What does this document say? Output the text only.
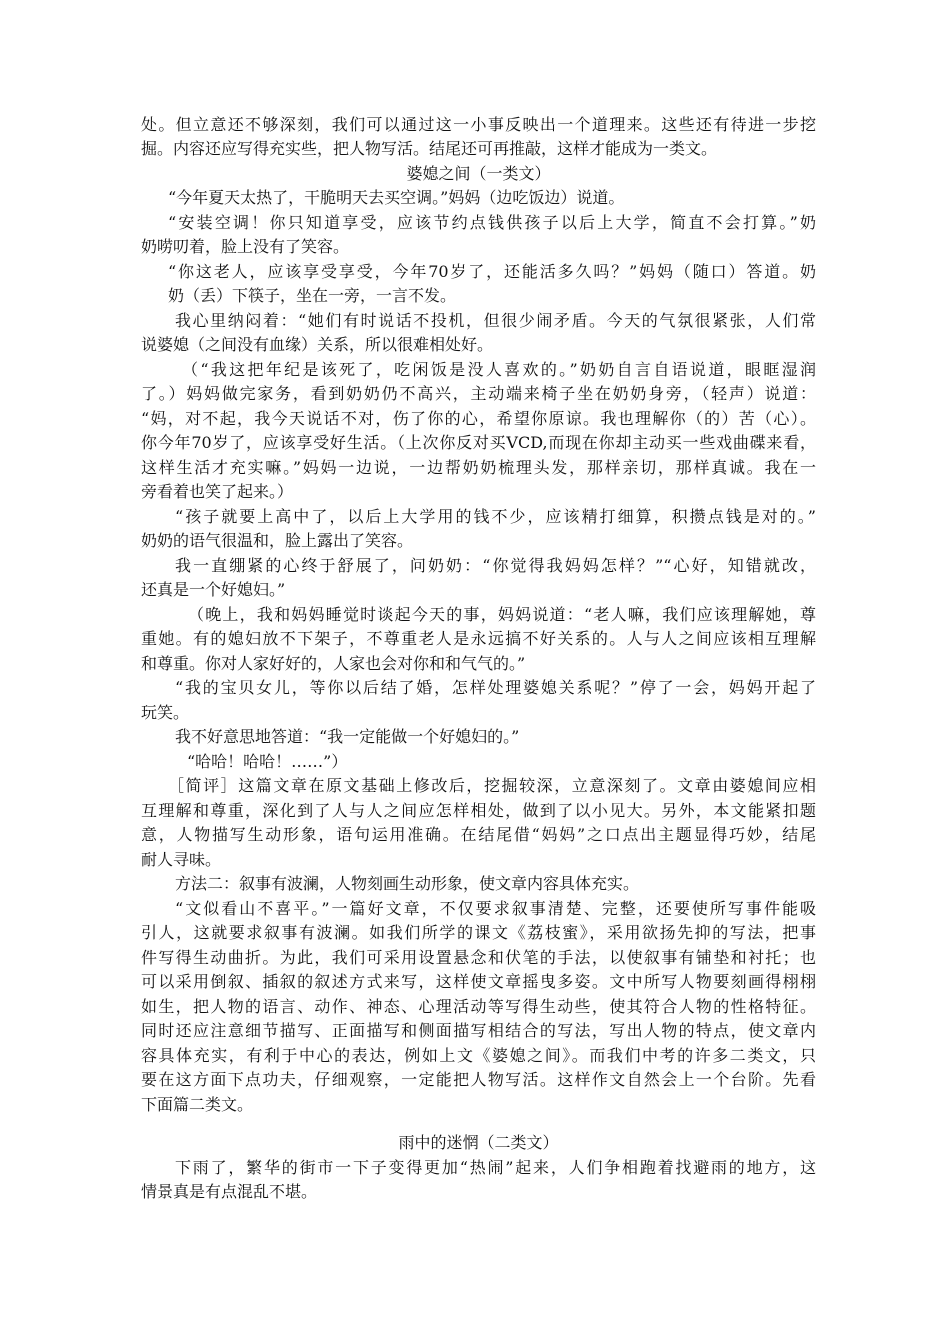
处。但立意还不够深刻，我们可以通过这一小事反映出一个道理来。这些还有待进一步挖
掘。内容还应写得充实些，把人物写活。结尾还可再推敲，这样才能成为一类文。
婆媳之间（一类文）
“今年夏天太热了，干脆明天去买空调。”妈妈（边吃饭边）说道。
“安装空调！你只知道享受，应该节约点钱供孩子以后上大学，简直不会打算。”奶
奶唠叨着，脸上没有了笑容。
“你这老人，应该享受享受，今年70岁了，还能活多久吗？”妈妈（随口）答道。奶
奶（丢）下筷子，坐在一旁，一言不发。
我心里纳闷着：“她们有时说话不投机，但很少闹矛盾。今天的气氛很紧张，人们常
说婆媳（之间没有血缘）关系，所以很难相处好。
（“我这把年纪是该死了，吃闲饭是没人喜欢的。”奶奶自言自语说道，眼眶湿润
了。）妈妈做完家务，看到奶奶仍不高兴，主动端来椅子坐在奶奶身旁，（轻声）说道：
“妈，对不起，我今天说话不对，伤了你的心，希望你原谅。我也理解你（的）苦（心）。
你今年70岁了，应该享受好生活。（上次你反对买VCD,而现在你却主动买一些戏曲碟来看，
这样生活才充实嘛。”妈妈一边说，一边帮奶奶梳理头发，那样亲切，那样真诚。我在一
旁看着也笑了起来。）
“孩子就要上高中了，以后上大学用的钱不少，应该精打细算，积攒点钱是对的。”
奶奶的语气很温和，脸上露出了笑容。
我一直绷紧的心终于舒展了，问奶奶：“你觉得我妈妈怎样？”“心好，知错就改，
还真是一个好媳妇。”
（晚上，我和妈妈睡觉时谈起今天的事，妈妈说道：“老人嘛，我们应该理解她，尊
重她。有的媳妇放不下架子，不尊重老人是永远搞不好关系的。人与人之间应该相互理解
和尊重。你对人家好好的，人家也会对你和和气气的。”
“我的宝贝女儿，等你以后结了婚，怎样处理婆媳关系呢？”停了一会，妈妈开起了
玩笑。
我不好意思地答道：“我一定能做一个好媳妇的。”
“哈哈！哈哈！……”）
［简评］这篇文章在原文基础上修改后，挖掘较深，立意深刻了。文章由婆媳间应相
互理解和尊重，深化到了人与人之间应怎样相处，做到了以小见大。另外，本文能紧扣题
意，人物描写生动形象，语句运用准确。在结尾借“妈妈”之口点出主题显得巧妙，结尾
耐人寻味。
方法二：叙事有波澜，人物刻画生动形象，使文章内容具体充实。
“文似看山不喜平。”一篇好文章，不仅要求叙事清楚、完整，还要使所写事件能吸
引人，这就要求叙事有波澜。如我们所学的课文《荔枝蜜》，采用欲扬先抑的写法，把事
件写得生动曲折。为此，我们可采用设置悬念和伏笔的手法，以使叙事有铺垫和衬托；也
可以采用倒叙、插叙的叙述方式来写，这样使文章摇曳多姿。文中所写人物要刻画得栩栩
如生，把人物的语言、动作、神态、心理活动等写得生动些，使其符合人物的性格特征。
同时还应注意细节描写、正面描写和侧面描写相结合的写法，写出人物的特点，使文章内
容具体充实，有利于中心的表达，例如上文《婆媳之间》。而我们中考的许多二类文，只
要在这方面下点功夫，仔细观察，一定能把人物写活。这样作文自然会上一个台阶。先看
下面篇二类文。
雨中的迷惘（二类文）
下雨了，繁华的街市一下子变得更加“热闹”起来，人们争相跑着找避雨的地方，这
情景真是有点混乱不堪。
